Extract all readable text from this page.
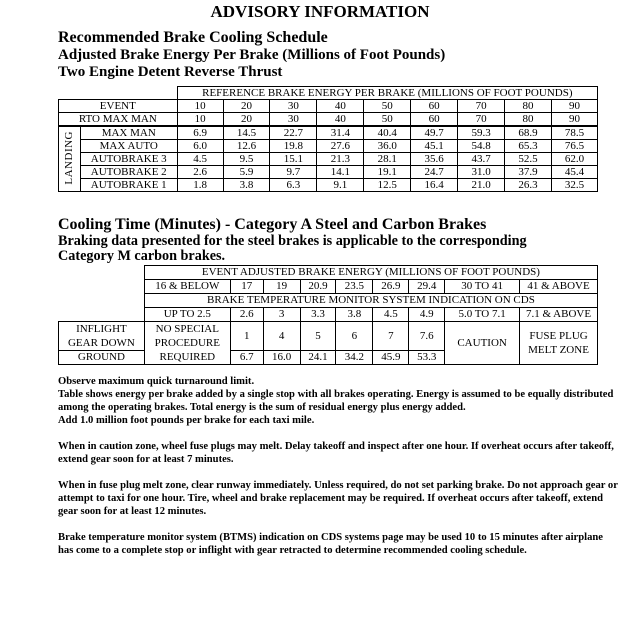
ADVISORY INFORMATION
Recommended Brake Cooling Schedule
Adjusted Brake Energy Per Brake (Millions of Foot Pounds)
Two Engine Detent Reverse Thrust
		REFERENCE BRAKE ENERGY PER BRAKE (MILLIONS OF FOOT POUNDS)								
EVENT		10	20	30	40	50	60	70	80	90
RTO MAX MAN		10	20	30	40	50	60	70	80	90
LANDING	MAX MAN	6.9	14.5	22.7	31.4	40.4	49.7	59.3	68.9	78.5
	MAX AUTO	6.0	12.6	19.8	27.6	36.0	45.1	54.8	65.3	76.5
	AUTOBRAKE 3	4.5	9.5	15.1	21.3	28.1	35.6	43.7	52.5	62.0
	AUTOBRAKE 2	2.6	5.9	9.7	14.1	19.1	24.7	31.0	37.9	45.4
	AUTOBRAKE 1	1.8	3.8	6.3	9.1	12.5	16.4	21.0	26.3	32.5
Cooling Time (Minutes) - Category A Steel and Carbon Brakes
Braking data presented for the steel brakes is applicable to the corresponding
Category M carbon brakes.
	EVENT ADJUSTED BRAKE ENERGY (MILLIONS OF FOOT POUNDS)								
	16 & BELOW	17	19	20.9	23.5	26.9	29.4	30 TO 41	41 & ABOVE
	BRAKE TEMPERATURE MONITOR SYSTEM INDICATION ON CDS								
	UP TO 2.5	2.6	3	3.3	3.8	4.5	4.9	5.0 TO 7.1	7.1 & ABOVE
INFLIGHT
GEAR DOWN	NO SPECIAL
PROCEDURE
REQUIRED	1	4	5	6	7	7.6	CAUTION	FUSE PLUG
MELT ZONE
GROUND		6.7	16.0	24.1	34.2	45.9	53.3		

Observe maximum quick turnaround limit.

Table shows energy per brake added by a single stop with all brakes operating. Energy is assumed to be equally distributed among the operating brakes. Total energy is the sum of residual energy plus energy added.

Add 1.0 million foot pounds per brake for each taxi mile.

When in caution zone, wheel fuse plugs may melt. Delay takeoff and inspect after one hour. If overheat occurs after takeoff, extend gear soon for at least 7 minutes.

When in fuse plug melt zone, clear runway immediately. Unless required, do not set parking brake. Do not approach gear or attempt to taxi for one hour. Tire, wheel and brake replacement may be required. If overheat occurs after takeoff, extend gear soon for at least 12 minutes.

Brake temperature monitor system (BTMS) indication on CDS systems page may be used 10 to 15 minutes after airplane has come to a complete stop or inflight with gear retracted to determine recommended cooling schedule.
